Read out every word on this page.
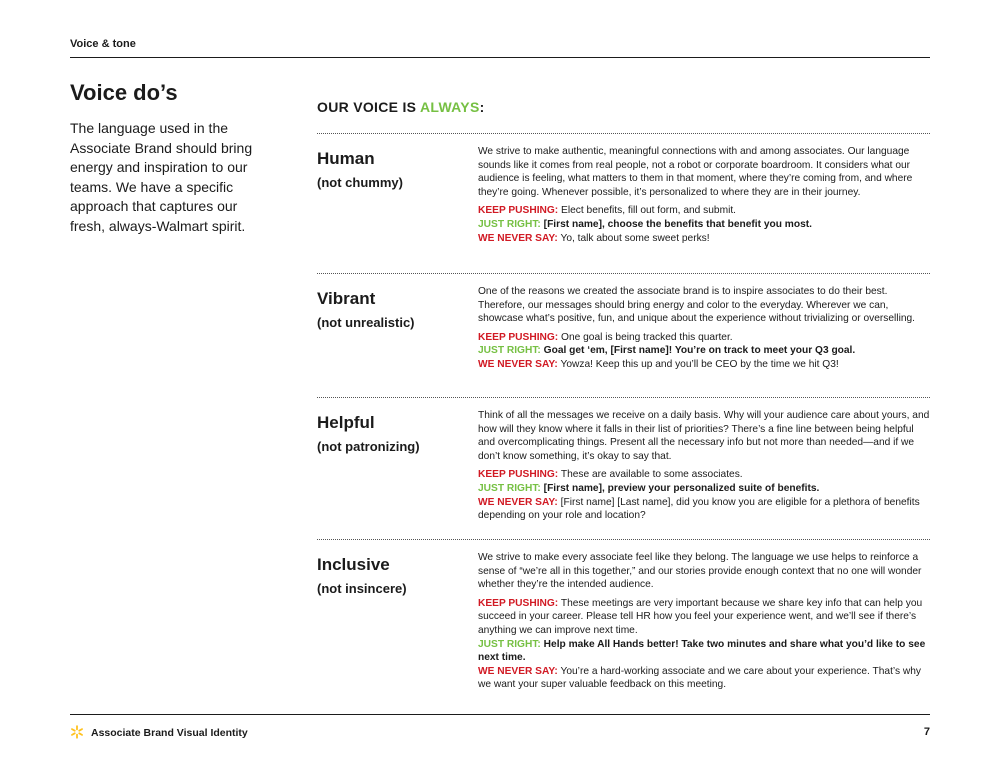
Voice & tone
Voice do’s

The language used in the Associate Brand should bring energy and inspiration to our teams. We have a specific approach that captures our fresh, always-Walmart spirit.

OUR VOICE IS ALWAYS:
Human
(not chummy)

We strive to make authentic, meaningful connections with and among associates. Our language sounds like it comes from real people, not a robot or corporate boardroom. It considers what our audience is feeling, what matters to them in that moment, where they’re coming from, and where they’re going. Whenever possible, it’s personalized to where they are in their journey.

KEEP PUSHING: Elect benefits, fill out form, and submit.

JUST RIGHT: [First name], choose the benefits that benefit you most.

WE NEVER SAY: Yo, talk about some sweet perks!

Vibrant
(not unrealistic)

One of the reasons we created the associate brand is to inspire associates to do their best. Therefore, our messages should bring energy and color to the everyday. Wherever we can, showcase what’s positive, fun, and unique about the experience without trivializing or overselling.

KEEP PUSHING: One goal is being tracked this quarter.

JUST RIGHT: Goal get ‘em, [First name]! You’re on track to meet your Q3 goal.

WE NEVER SAY: Yowza! Keep this up and you’ll be CEO by the time we hit Q3!

Helpful
(not patronizing)

Think of all the messages we receive on a daily basis. Why will your audience care about yours, and how will they know where it falls in their list of priorities? There’s a fine line between being helpful and overcomplicating things. Present all the necessary info but not more than needed—and if we don’t know something, it’s okay to say that.

KEEP PUSHING: These are available to some associates.

JUST RIGHT: [First name], preview your personalized suite of benefits.

WE NEVER SAY: [First name] [Last name], did you know you are eligible for a plethora of benefits depending on your role and location?

Inclusive
(not insincere)

We strive to make every associate feel like they belong. The language we use helps to reinforce a sense of “we’re all in this together,” and our stories provide enough context that no one will wonder whether they’re the intended audience.

KEEP PUSHING: These meetings are very important because we share key info that can help you succeed in your career. Please tell HR how you feel your experience went, and we’ll see if there’s anything we can improve next time.

JUST RIGHT: Help make All Hands better! Take two minutes and share what you’d like to see next time.

WE NEVER SAY: You’re a hard-working associate and we care about your experience. That’s why we want your super valuable feedback on this meeting.

Associate Brand Visual Identity	7
